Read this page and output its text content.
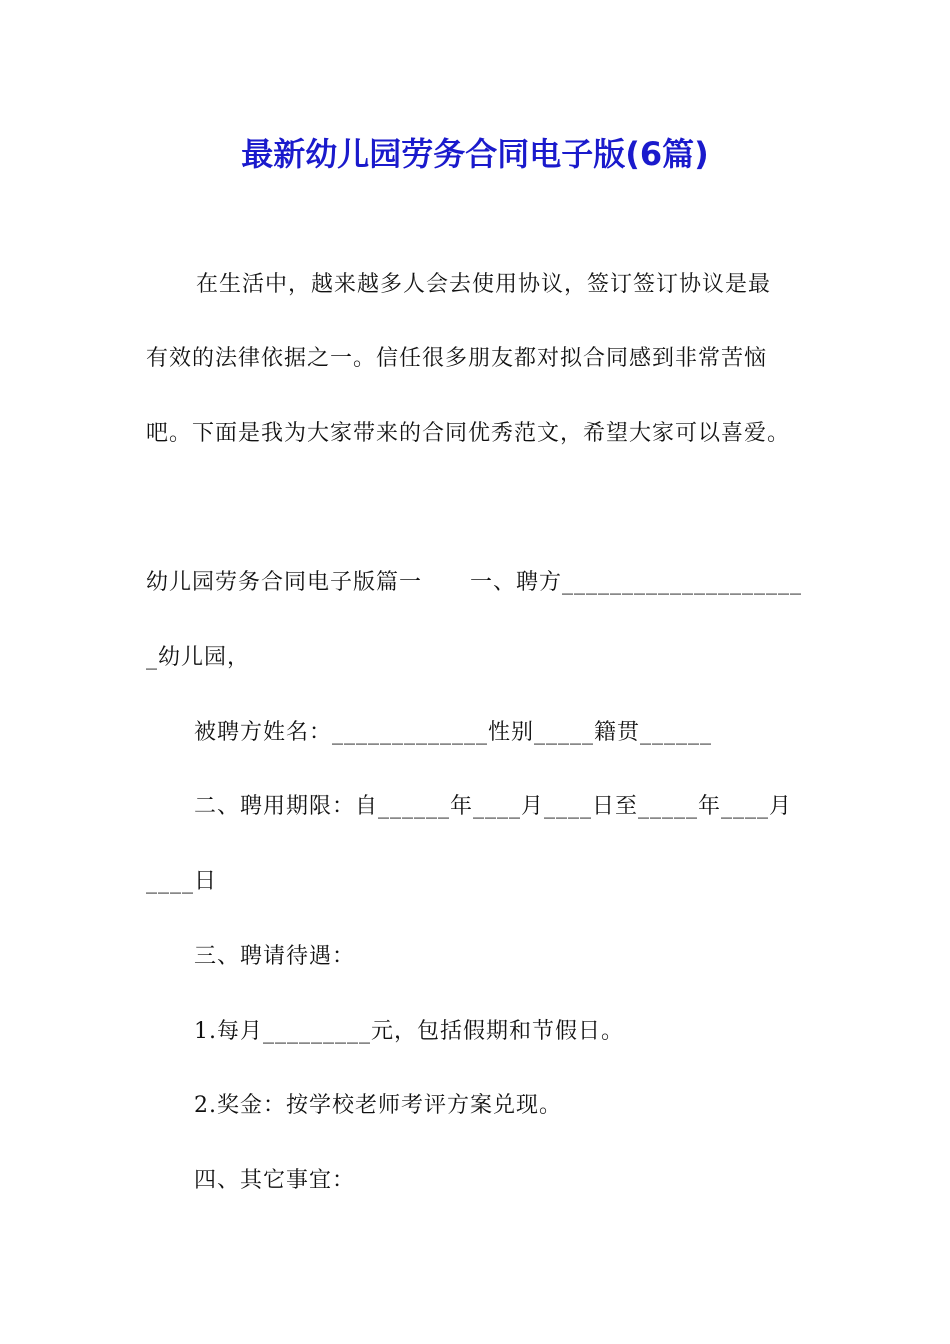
最新幼儿园劳务合同电子版(6篇)
在生活中，越来越多人会去使用协议，签订签订协议是最
有效的法律依据之一。信任很多朋友都对拟合同感到非常苦恼
吧。下面是我为大家带来的合同优秀范文，希望大家可以喜爱。
幼儿园劳务合同电子版篇一 一、聘方____________________
_幼儿园，
被聘方姓名：_____________性别_____籍贯______
二、聘用期限：自______年____月____日至_____年____月
____日
三、聘请待遇：
1.每月_________元，包括假期和节假日。
2.奖金：按学校老师考评方案兑现。
四、其它事宜：
